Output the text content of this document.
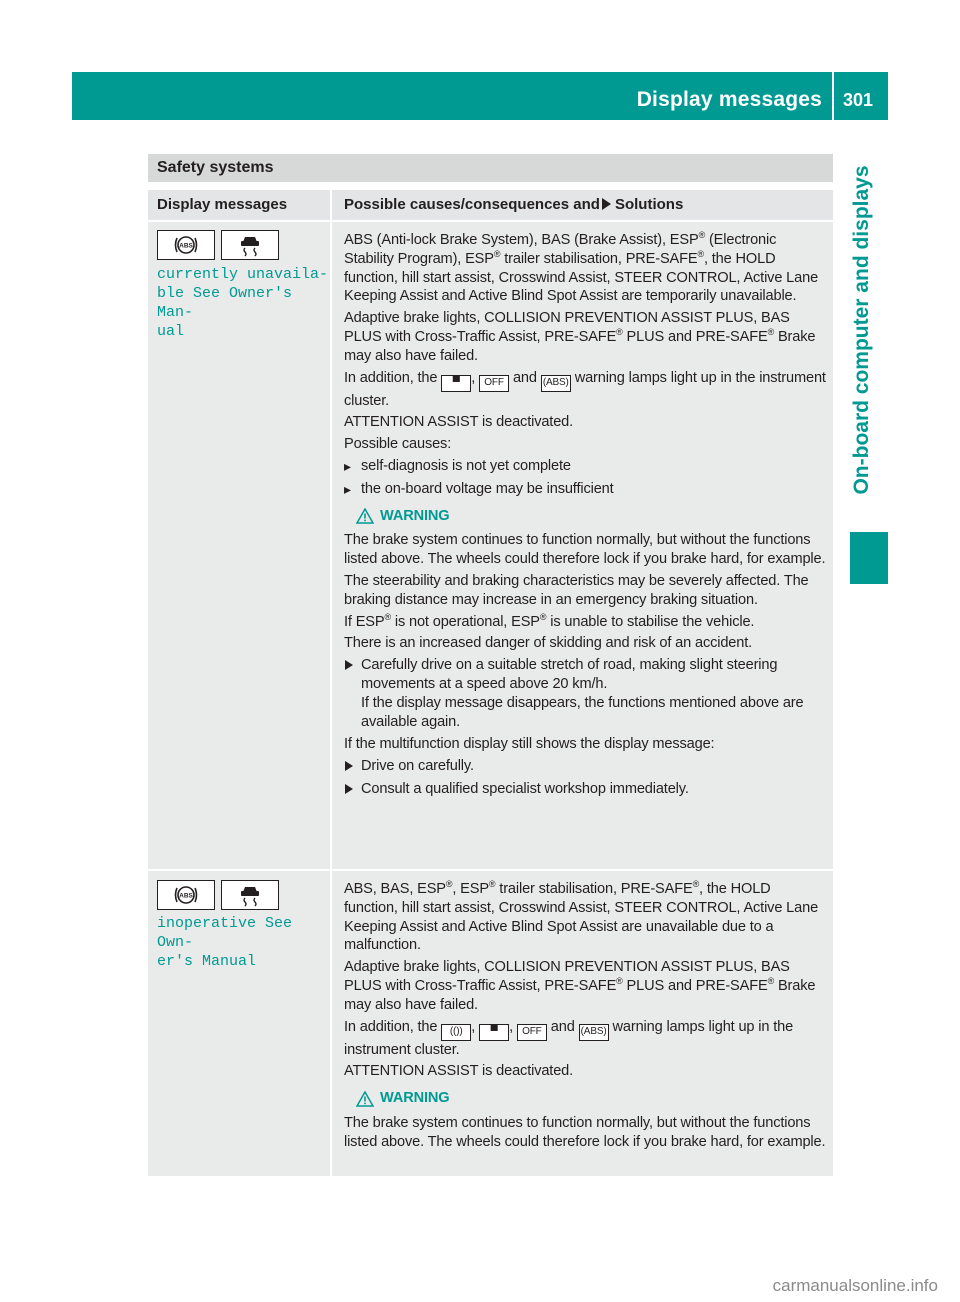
Display messages 301
On-board computer and displays
Safety systems
Display messages	Possible causes/consequences and Solutions
ABS
currently unavaila‐
ble See Owner's Man‐
ual

ABS (Anti-lock Brake System), BAS (Brake Assist), ESP® (Electronic Stability Program), ESP® trailer stabilisation, PRE-SAFE®, the HOLD function, hill start assist, Crosswind Assist, STEER CONTROL, Active Lane Keeping Assist and Active Blind Spot Assist are temporarily unavailable.

Adaptive brake lights, COLLISION PREVENTION ASSIST PLUS, BAS PLUS with Cross-Traffic Assist, PRE-SAFE® PLUS and PRE-SAFE® Brake may also have failed.

In addition, the ▀ , OFF and (ABS) warning lamps light up in the instrument cluster.

ATTENTION ASSIST is deactivated.

Possible causes:

▸ self-diagnosis is not yet complete
▸ the on-board voltage may be insufficient
WARNING

The brake system continues to function normally, but without the functions listed above. The wheels could therefore lock if you brake hard, for example.

The steerability and braking characteristics may be severely affected. The braking distance may increase in an emergency braking situation.

If ESP® is not operational, ESP® is unable to stabilise the vehicle.

There is an increased danger of skidding and risk of an accident.

Carefully drive on a suitable stretch of road, making slight steering movements at a speed above 20 km/h.
If the display message disappears, the functions mentioned above are available again.

If the multifunction display still shows the display message:

Drive on carefully.
Consult a qualified specialist workshop immediately.
ABS
inoperative See Own‐
er's Manual

ABS, BAS, ESP®, ESP® trailer stabilisation, PRE-SAFE®, the HOLD function, hill start assist, Crosswind Assist, STEER CONTROL, Active Lane Keeping Assist and Active Blind Spot Assist are unavailable due to a malfunction.

Adaptive brake lights, COLLISION PREVENTION ASSIST PLUS, BAS PLUS with Cross-Traffic Assist, PRE-SAFE® PLUS and PRE-SAFE® Brake may also have failed.

In addition, the (()) , ▀ , OFF and (ABS) warning lamps light up in the instrument cluster.

ATTENTION ASSIST is deactivated.

WARNING

The brake system continues to function normally, but without the functions listed above. The wheels could therefore lock if you brake hard, for example.

carmanualsonline.info
